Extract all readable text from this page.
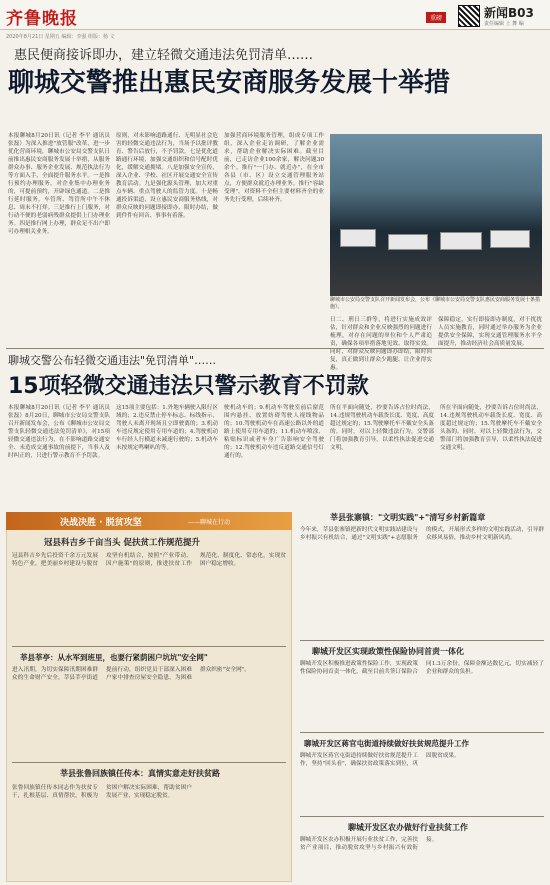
齐鲁晚报	重磅	新闻B03
责任编辑 上 舞 编
2020年8月21日 星期五 编辑：李强 组版：杨 文
惠民便商接诉即办，建立轻微交通违法免罚清单……
聊城交警推出惠民安商服务发展十举措
本报聊城8月20日讯（记者 李平 通讯员 张磊）为深入推进"放管服"改革，进一步优化营商环境，聊城市公安局交警支队日前推出惠民安商服务发展十举措，从服务群众办事、服务企业发展、规范执法行为等方面入手，全面提升服务水平。一是推行预约办理服务，对企业集中办理业务的，可提前预约，开辟绿色通道。二是推行延时服务，车管所、驾管所中午不休息、周末不打烊。三是推行上门服务，对行动不便的老弱病残群众提供上门办理业务。四是推行网上办理，群众足不出户即可办理相关业务。
原则，对未影响道路通行、无明显社会危害的轻微交通违法行为，当场予以批评教育、警告后放行，不予罚款。七是优化道路通行环境，加强交通组织和信号配时优化，缓解交通拥堵。八是加强安全宣传，深入企业、学校、社区开展交通安全宣传教育活动。九是强化源头管理，加大对重点车辆、重点驾驶人的监管力度。十是畅通投诉渠道，设立惠民安商服务热线，对群众反映的问题即接即办、限时办结，做到件件有回音、事事有着落。
加强营商环境服务管理，组成专项工作组，深入企业走访调研，了解企业需求，帮助企业解决实际困难。截至目前，已走访企业100余家，解决问题30余个。推行"一门办、就近办"，在全市各县（市、区）设立交通管理服务站点，方便群众就近办理业务。推行"容缺受理"，对资料不全但主要材料齐全的业务先行受理，后续补齐。
聊城市公安局交警支队召开新闻发布会，公布《聊城市公安局交警支队惠民安商服务发展十条措施》。
日二、刑日三群等，将进行实施成效评估，针对群众和企业反映强烈的问题进行梳理，对存在问题的单位和个人严肃追责，确保各项举措落地见效、取得实效。同时，对群众反映问题即办即结，限时回复，真正做到让群众少跑腿、让企业得实惠。
保障稳定，实行即接即办制度，对干扰扰人员实施教育，同时通过举办服务为企业提供安全保障，实现交通管理服务水平全面提升，推动经济社会高质量发展。
聊城交警公布轻微交通违法"免罚清单"……
15项轻微交通违法只警示教育不罚款
本报聊城8月20日讯（记者 李平 通讯员 张磊）8月20日，聊城市公安局交警支队召开新闻发布会，公布《聊城市公安局交警支队轻微交通违法免罚清单》，对15项轻微交通违法行为，在不影响道路交通安全、未造成交通事故的前提下，当事人及时纠正的，只进行警示教育不予罚款。
这15项主要包括：1.外地车辆驶入限行区域的；2.违反禁止停车标志、标线指示，驾驶人未离开现场且立即驶离的；3.机动车违反规定使用专用车道的；4.驾驶机动车行经人行横道未减速行驶的；5.机动车未按规定鸣喇叭的等。
驶机动车的；9.机动车驾驶室前后窗范围内悬挂、放置妨碍驾驶人视线物品的；10.驾驶机动车在高速公路以外的道路上使用专用车道的；11.机动车喷涂、粘贴标识或者车身广告影响安全驾驶的；12.驾驶机动车违反道路交通信号灯通行的。
所在平面向随处，抄要告诉占位时尚法，14.违规驾驶机动车载货长度、宽度、高度超过规定的；15.驾驶摩托车不戴安全头盔的。同时，对以上轻微违法行为，交警部门将加强教育引导，以柔性执法促进交通文明。
所在平面向随处，抄要告诉占位时尚法，14.违规驾驶机动车载货长度、宽度、高度超过规定的；15.驾驶摩托车不戴安全头盔的。同时，对以上轻微违法行为，交警部门将加强教育引导，以柔性执法促进交通文明。
决战决胜 · 脱贫攻坚	——聊城在行动
冠县科吉乡千亩当头 促扶贫工作规范提升
冠县科吉乡先后投资千余万元发展特色产业，把美丽乡村建设与脱贫攻坚有机结合，按照"产业带动、因户施策"的原则，推进扶贫工作规范化、制度化、常态化，实现贫困户稳定增收。
莘县莘亭：从水军到班里，也要行紧荫困户坑坑"安全网"
进入汛期，为切实保障汛期困难群众的生命财产安全，莘县莘亭街道提前行动，组织党员干部深入困难户家中排查房屋安全隐患，为困难群众织密"安全网"。
莘县张鲁回族镇任传本：真情实意走好扶贫路
张鲁回族镇任传本同志作为扶贫专干，扎根基层、真情帮扶，积极为贫困户解决实际困难，帮助贫困户发展产业，实现稳定脱贫。
莘县张寨镇："文明实践"+"清写乡村新篇章
今年来，莘县张寨镇把新时代文明实践站建设与乡村振兴有机结合，通过"文明实践"+志愿服务的模式，开展形式多样的文明实践活动，引导群众移风易俗，推动乡村文明新风尚。
聊城开发区实现政策性保险协同首责一体化
聊城开发区积极推进政策性保险工作，实现政策性保险协同首责一体化，截至目前共签订保险合同1.3万余份，保障金额达数亿元，切实减轻了企业和群众的负担。
聊城开发区蒋官屯街道持续做好扶贫规范提升工作
聊城开发区蒋官屯街道持续做好扶贫规范提升工作，坚持"回头看"，确保扶贫政策落实到位，巩固脱贫成果。
聊城开发区农办做好行业扶贫工作
聊城开发区农办积极开展行业扶贫工作，完善扶贫产业项目，推动脱贫攻坚与乡村振兴有效衔接。
